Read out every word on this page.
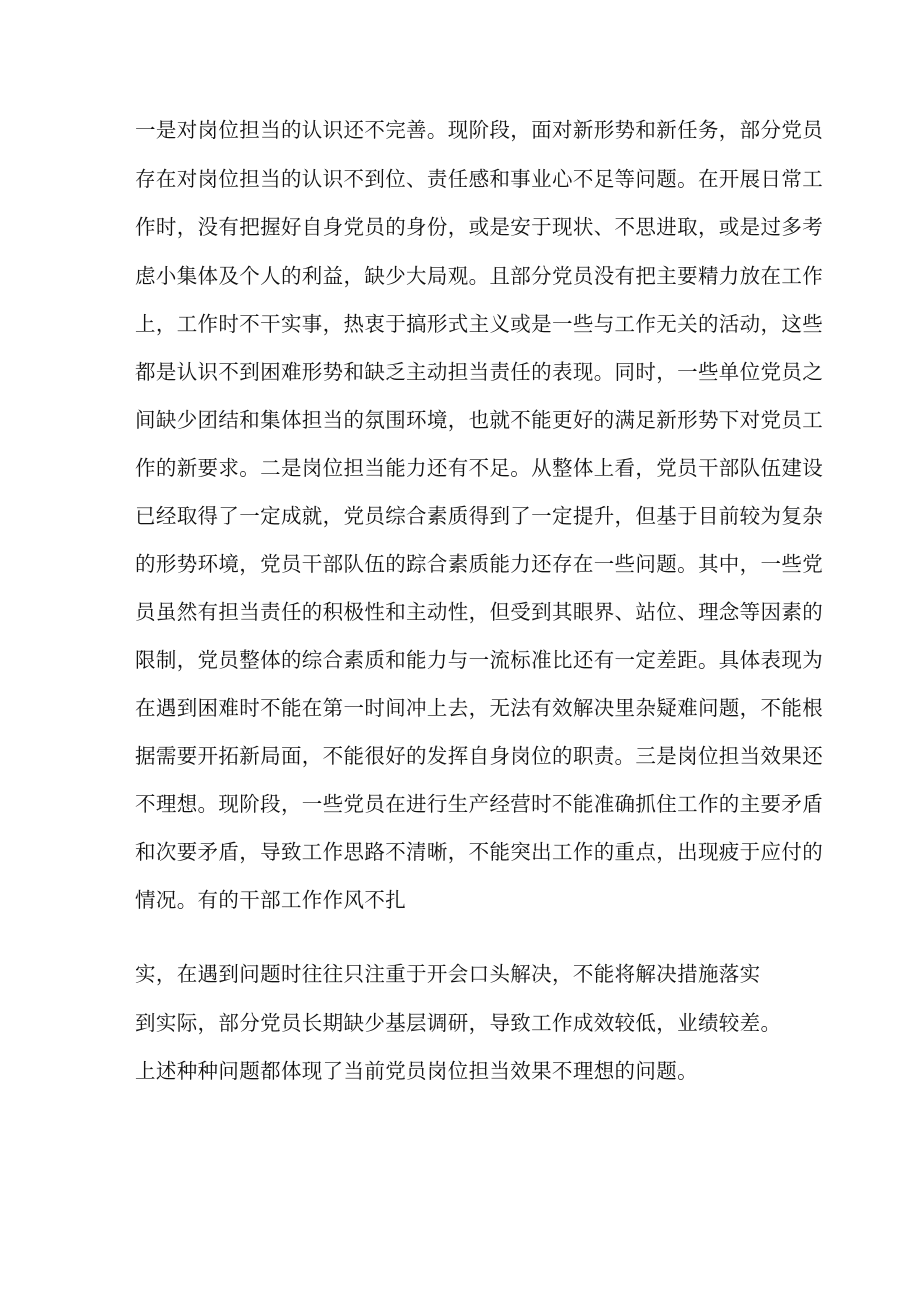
一是对岗位担当的认识还不完善。现阶段，面对新形势和新任务，部分党员
存在对岗位担当的认识不到位、责任感和事业心不足等问题。在开展日常工
作时，没有把握好自身党员的身份，或是安于现状、不思进取，或是过多考
虑小集体及个人的利益，缺少大局观。且部分党员没有把主要精力放在工作
上，工作时不干实事，热衷于搞形式主义或是一些与工作无关的活动，这些
都是认识不到困难形势和缺乏主动担当责任的表现。同时，一些单位党员之
间缺少团结和集体担当的氛围环境，也就不能更好的满足新形势下对党员工
作的新要求。二是岗位担当能力还有不足。从整体上看，党员干部队伍建设
已经取得了一定成就，党员综合素质得到了一定提升，但基于目前较为复杂
的形势环境，党员干部队伍的踪合素质能力还存在一些问题。其中，一些党
员虽然有担当责任的积极性和主动性，但受到其眼界、站位、理念等因素的
限制，党员整体的综合素质和能力与一流标准比还有一定差距。具体表现为
在遇到困难时不能在第一时间冲上去，无法有效解决里杂疑难问题，不能根
据需要开拓新局面，不能很好的发挥自身岗位的职责。三是岗位担当效果还
不理想。现阶段，一些党员在进行生产经营时不能准确抓住工作的主要矛盾
和次要矛盾，导致工作思路不清晰，不能突出工作的重点，出现疲于应付的
情况。有的干部工作作风不扎
实，在遇到问题时往往只注重于开会口头解决，不能将解决措施落实
到实际，部分党员长期缺少基层调研，导致工作成效较低，业绩较差。
上述种种问题都体现了当前党员岗位担当效果不理想的问题。
